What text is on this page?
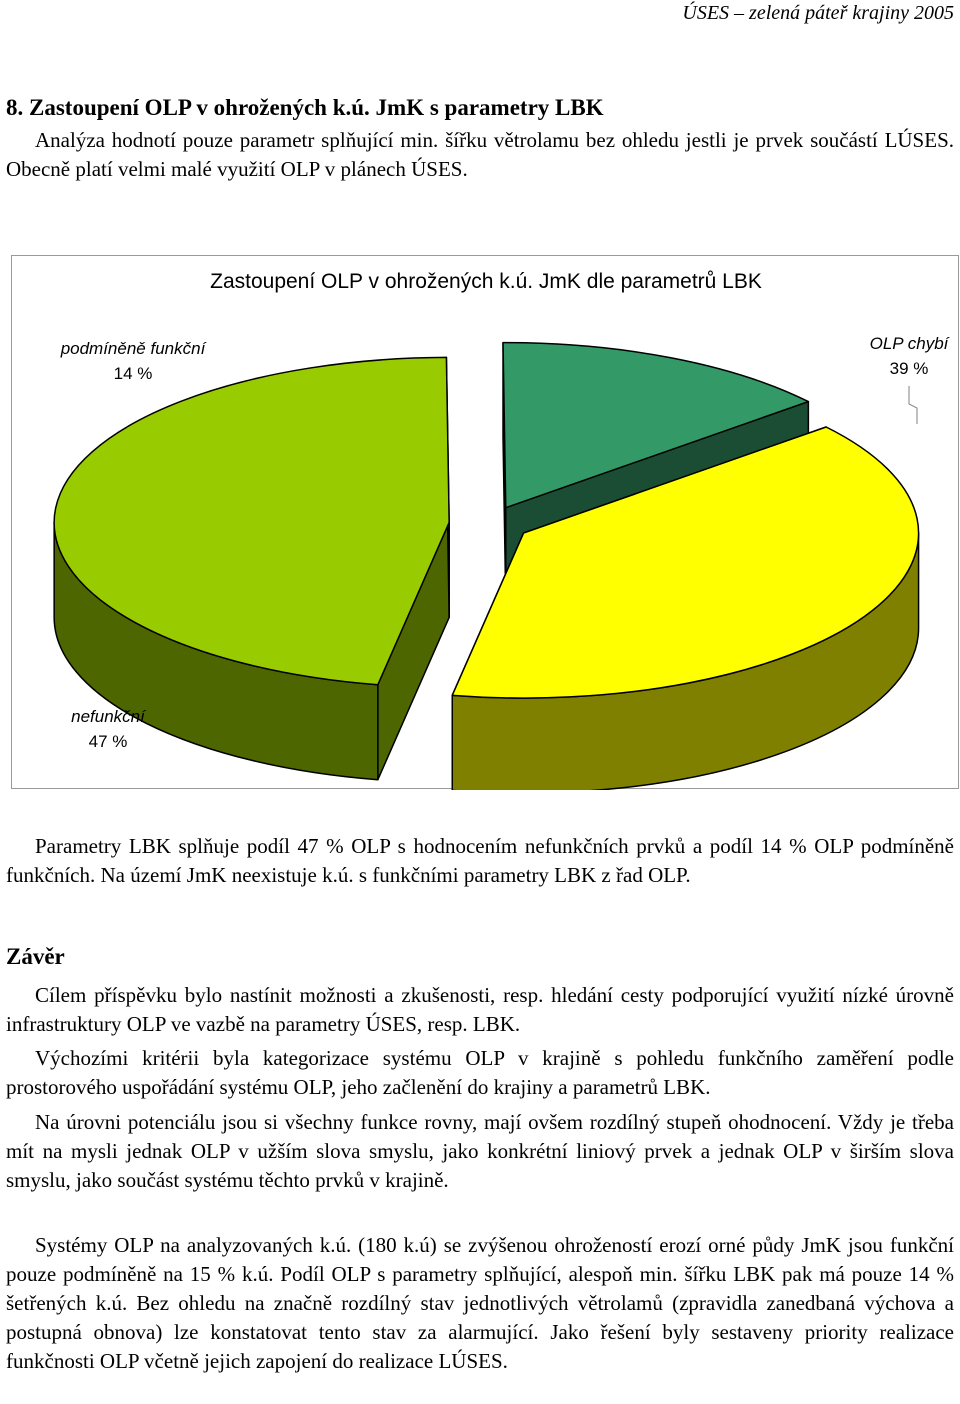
ÚSES – zelená páteř krajiny 2005
8. Zastoupení OLP v ohrožených k.ú. JmK s parametry LBK

Analýza hodnotí pouze parametr splňující min. šířku větrolamu bez ohledu jestli je prvek součástí LÚSES. Obecně platí velmi malé využití OLP v plánech ÚSES.

Zastoupení OLP v ohrožených k.ú. JmK dle parametrů LBK
podmíněně funkční
14 %
OLP chybí
39 %
nefunkční
47 %

Parametry LBK splňuje podíl 47 % OLP s hodnocením nefunkčních prvků a podíl 14 % OLP podmíněně funkčních. Na území JmK neexistuje k.ú. s funkčními parametry LBK z řad OLP.

Závěr

Cílem příspěvku bylo nastínit možnosti a zkušenosti, resp. hledání cesty podporující využití nízké úrovně infrastruktury OLP ve vazbě na parametry ÚSES, resp. LBK.

Výchozími kritérii byla kategorizace systému OLP v krajině s pohledu funkčního zaměření podle prostorového uspořádání systému OLP, jeho začlenění do krajiny a parametrů LBK.

Na úrovni potenciálu jsou si všechny funkce rovny, mají ovšem rozdílný stupeň ohodnocení. Vždy je třeba mít na mysli jednak OLP v užším slova smyslu, jako konkrétní liniový prvek a jednak OLP v širším slova smyslu, jako součást systému těchto prvků v krajině.

Systémy OLP na analyzovaných k.ú. (180 k.ú) se zvýšenou ohrožeností erozí orné půdy JmK jsou funkční pouze podmíněně na 15 % k.ú. Podíl OLP s parametry splňující, alespoň min. šířku LBK pak má pouze 14 % šetřených k.ú. Bez ohledu na značně rozdílný stav jednotlivých větrolamů (zpravidla zanedbaná výchova a postupná obnova) lze konstatovat tento stav za alarmující. Jako řešení byly sestaveny priority realizace funkčnosti OLP včetně jejich zapojení do realizace LÚSES.
